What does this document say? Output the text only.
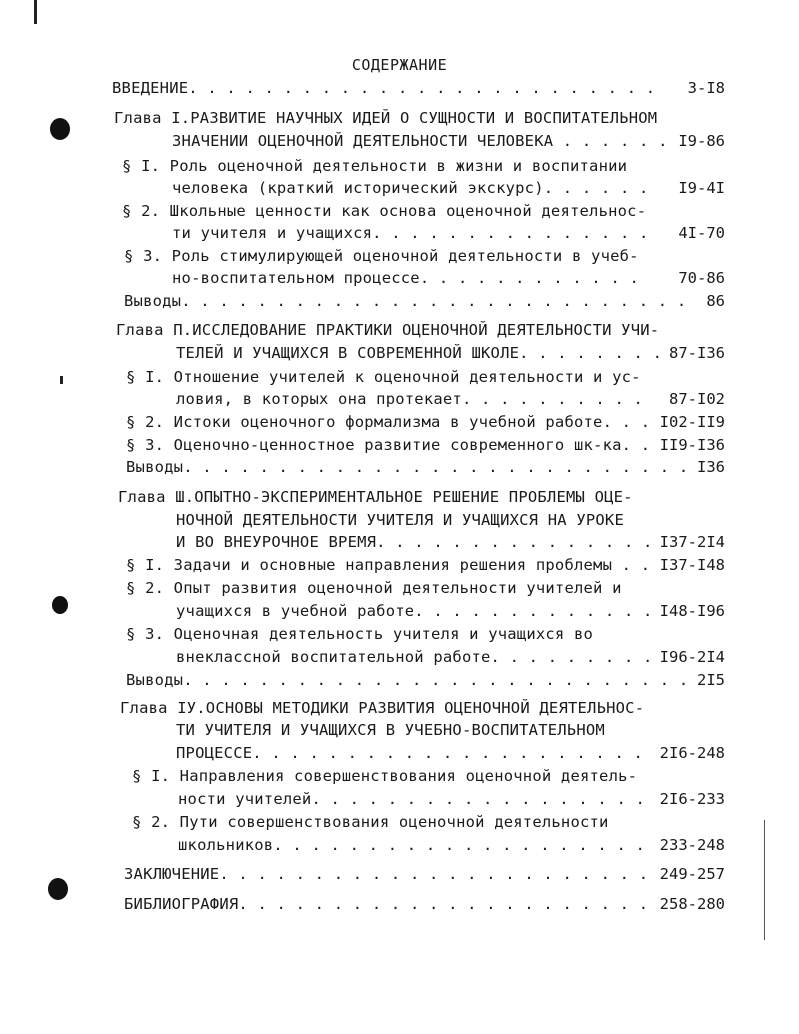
СОДЕРЖАНИЕ
ВВЕДЕНИЕ. . . . . . . . . . . . . . . . . . . . . . . . . 3-I8
Глава I.РАЗВИТИЕ НАУЧНЫХ ИДЕЙ О СУЩНОСТИ И ВОСПИТАТЕЛЬНОМ
ЗНАЧЕНИИ ОЦЕНОЧНОЙ ДЕЯТЕЛЬНОСТИ ЧЕЛОВЕКА . . . . . . I9-86
§ I. Роль оценочной деятельности в жизни и воспитании
человека (краткий исторический экскурс). . . . . . I9-4I
§ 2. Школьные ценности как основа оценочной деятельнос-
ти учителя и учащихся. . . . . . . . . . . . . . . 4I-70
§ 3. Роль стимулирующей оценочной деятельности в учеб-
но-воспитательном процессе. . . . . . . . . . . .	70-86
Выводы. . . . . . . . . . . . . . . . . . . . . . . . . . . 86
Глава П.ИССЛЕДОВАНИЕ ПРАКТИКИ ОЦЕНОЧНОЙ ДЕЯТЕЛЬНОСТИ УЧИ-
ТЕЛЕЙ И УЧАЩИХСЯ В СОВРЕМЕННОЙ ШКОЛЕ. . . . . . . . 87-I36
§ I. Отношение учителей к оценочной деятельности и ус-
ловия, в которых она протекает. . . . . . . . . . 87-I02
§ 2. Истоки оценочного формализма в учебной работе. . . I02-II9
§ 3. Оценочно-ценностное развитие современного шк-ка. . II9-I36
Выводы. . . . . . . . . . . . . . . . . . . . . . . . . . . I36
Глава Ш.ОПЫТНО-ЭКСПЕРИМЕНТАЛЬНОЕ РЕШЕНИЕ ПРОБЛЕМЫ ОЦЕ-
НОЧНОЙ ДЕЯТЕЛЬНОСТИ УЧИТЕЛЯ И УЧАЩИХСЯ НА УРОКЕ
И ВО ВНЕУРОЧНОЕ ВРЕМЯ. . . . . . . . . . . . . . . I37-2I4
§ I. Задачи и основные направления решения проблемы . . I37-I48
§ 2. Опыт развития оценочной деятельности учителей и
учащихся в учебной работе. . . . . . . . . . . . . I48-I96
§ 3. Оценочная деятельность учителя и учащихся во
внеклассной воспитательной работе. . . . . . . . . I96-2I4
Выводы. . . . . . . . . . . . . . . . . . . . . . . . . . . 2I5
Глава IУ.ОСНОВЫ МЕТОДИКИ РАЗВИТИЯ ОЦЕНОЧНОЙ ДЕЯТЕЛЬНОС-
ТИ УЧИТЕЛЯ И УЧАЩИХСЯ В УЧЕБНО-ВОСПИТАТЕЛЬНОМ
ПРОЦЕССЕ. . . . . . . . . . . . . . . . . . . . . 2I6-248
§ I. Направления совершенствования оценочной деятель-
ности учителей. . . . . . . . . . . . . . . . . . 2I6-233
§ 2. Пути совершенствования оценочной деятельности
школьников. . . . . . . . . . . . . . . . . . . . 233-248
ЗАКЛЮЧЕНИЕ. . . . . . . . . . . . . . . . . . . . . . . 249-257
БИБЛИОГРАФИЯ. . . . . . . . . . . . . . . . . . . . . . 258-280
